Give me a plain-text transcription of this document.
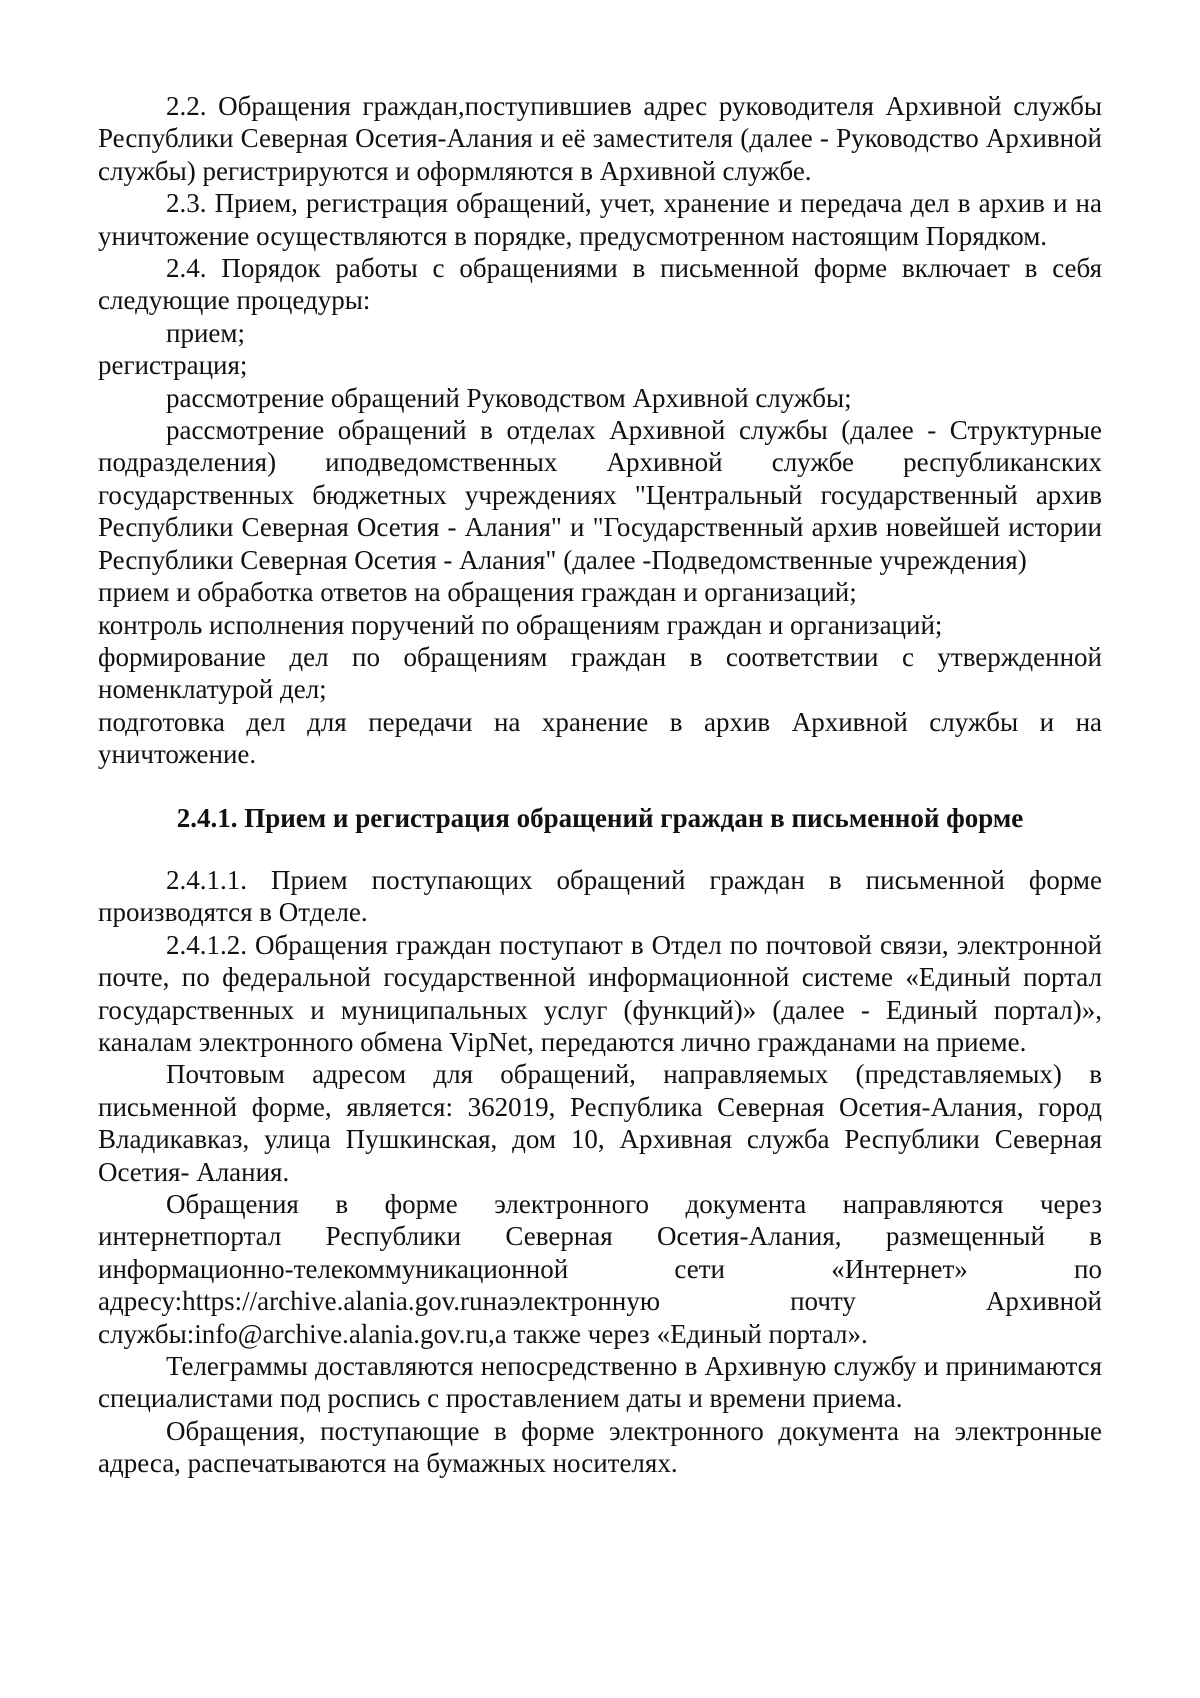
2.2. Обращения граждан,поступившиев адрес руководителя Архивной службы Республики Северная Осетия-Алания и её заместителя (далее - Руководство Архивной службы) регистрируются и оформляются в Архивной службе.

2.3. Прием, регистрация обращений, учет, хранение и передача дел в архив и на уничтожение осуществляются в порядке, предусмотренном настоящим Порядком.

2.4. Порядок работы с обращениями в письменной форме включает в себя следующие процедуры:

прием;

регистрация;

рассмотрение обращений Руководством Архивной службы;

рассмотрение обращений в отделах Архивной службы (далее - Структурные подразделения) иподведомственных Архивной службе республиканских государственных бюджетных учреждениях "Центральный государственный архив Республики Северная Осетия - Алания" и "Государственный архив новейшей истории Республики Северная Осетия - Алания" (далее -Подведомственные учреждения)

прием и обработка ответов на обращения граждан и организаций;

контроль исполнения поручений по обращениям граждан и организаций;

формирование дел по обращениям граждан в соответствии с утвержденной номенклатурой дел;

подготовка дел для передачи на хранение в архив Архивной службы и на уничтожение.

2.4.1. Прием и регистрация обращений граждан в письменной форме

2.4.1.1. Прием поступающих обращений граждан в письменной форме производятся в Отделе.

2.4.1.2. Обращения граждан поступают в Отдел по почтовой связи, электронной почте, по федеральной государственной информационной системе «Единый портал государственных и муниципальных услуг (функций)» (далее - Единый портал)», каналам электронного обмена VipNet, передаются лично гражданами на приеме.

Почтовым адресом для обращений, направляемых (представляемых) в письменной форме, является: 362019, Республика Северная Осетия-Алания, город Владикавказ, улица Пушкинская, дом 10, Архивная служба Республики Северная Осетия- Алания.

Обращения в форме электронного документа направляются через интернетпортал Республики Северная Осетия-Алания, размещенный в информационно-телекоммуникационной сети «Интернет» по адресу:https://archive.alania.gov.ruнаэлектронную почту Архивной службы:info@archive.alania.gov.ru,а также через «Единый портал».

Телеграммы доставляются непосредственно в Архивную службу и принимаются специалистами под роспись с проставлением даты и времени приема.

Обращения, поступающие в форме электронного документа на электронные адреса, распечатываются на бумажных носителях.
